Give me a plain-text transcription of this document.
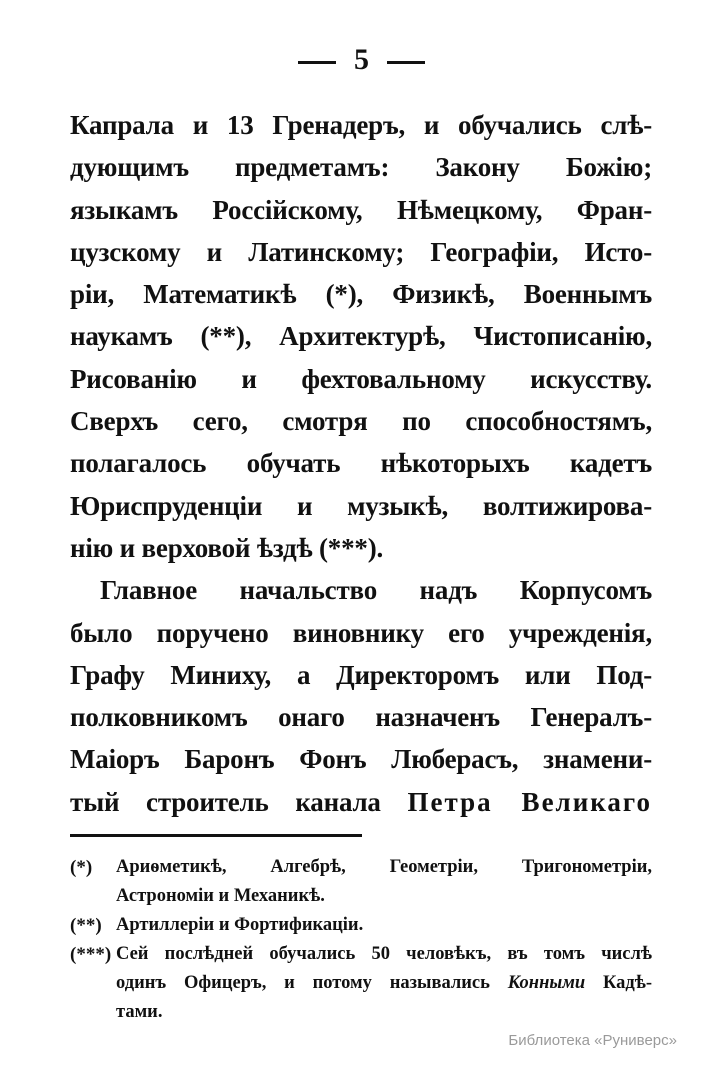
5
Капрала и 13 Гренадеръ, и обучались слѣ-
дующимъ предметамъ: Закону Божію;
языкамъ Россійскому, Нѣмецкому, Фран-
цузскому и Латинскому; Географіи, Исто-
ріи, Математикѣ (*), Физикѣ, Военнымъ
наукамъ (**), Архитектурѣ, Чистописанію,
Рисованію и фехтовальному искусству.
Сверхъ сего, смотря по способностямъ,
полагалось обучать нѣкоторыхъ кадетъ
Юриспруденціи и музыкѣ, волтижирова-
нію и верховой ѣздѣ (***).
Главное начальство надъ Корпусомъ
было поручено виновнику его учрежденія,
Графу Миниху, а Директоромъ или Под-
полковникомъ онаго назначенъ Генералъ-
Маіоръ Баронъ Фонъ Люберасъ, знамени-
тый строитель канала Петра Великаго
(*)	Ариѳметикѣ, Алгебрѣ, Геометріи, Тригонометріи,
Астрономіи и Механикѣ.
(**) Артиллеріи и Фортификаціи.
(***) Сей послѣдней обучались 50 человѣкъ, въ томъ числѣ
одинъ Офицеръ, и потому назывались Конными Кадѣ-
тами.
Библиотека «Руниверс»
